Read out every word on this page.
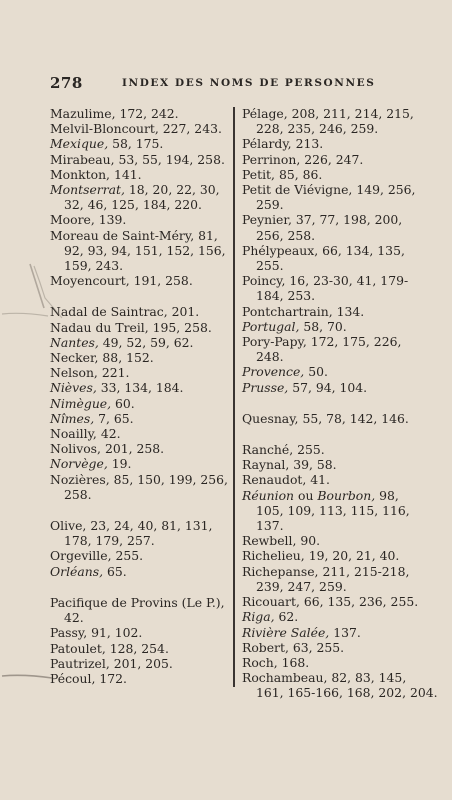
278	INDEX DES NOMS DE PERSONNES

Mazulime, 172, 242.

Melvil-Bloncourt, 227, 243.

Mexique, 58, 175.

Mirabeau, 53, 55, 194, 258.

Monkton, 141.

Montserrat, 18, 20, 22, 30,
32, 46, 125, 184, 220.

Moore, 139.

Moreau de Saint-Méry, 81,
92, 93, 94, 151, 152, 156,
159, 243.

Moyencourt, 191, 258.

Nadal de Saintrac, 201.

Nadau du Treil, 195, 258.

Nantes, 49, 52, 59, 62.

Necker, 88, 152.

Nelson, 221.

Nièves, 33, 134, 184.

Nimègue, 60.

Nîmes, 7, 65.

Noailly, 42.

Nolivos, 201, 258.

Norvège, 19.

Nozières, 85, 150, 199, 256,
258.

Olive, 23, 24, 40, 81, 131,
178, 179, 257.

Orgeville, 255.

Orléans, 65.

Pacifique de Provins (Le P.),
42.

Passy, 91, 102.

Patoulet, 128, 254.

Pautrizel, 201, 205.

Pécoul, 172.

Pélage, 208, 211, 214, 215,
228, 235, 246, 259.

Pélardy, 213.

Perrinon, 226, 247.

Petit, 85, 86.

Petit de Viévigne, 149, 256,
259.

Peynier, 37, 77, 198, 200,
256, 258.

Phélypeaux, 66, 134, 135,
255.

Poincy, 16, 23-30, 41, 179-
184, 253.

Pontchartrain, 134.

Portugal, 58, 70.

Pory-Papy, 172, 175, 226,
248.

Provence, 50.

Prusse, 57, 94, 104.

Quesnay, 55, 78, 142, 146.

Ranché, 255.

Raynal, 39, 58.

Renaudot, 41.

Réunion ou Bourbon, 98,
105, 109, 113, 115, 116,
137.

Rewbell, 90.

Richelieu, 19, 20, 21, 40.

Richepanse, 211, 215-218,
239, 247, 259.

Ricouart, 66, 135, 236, 255.

Riga, 62.

Rivière Salée, 137.

Robert, 63, 255.

Roch, 168.

Rochambeau, 82, 83, 145,
161, 165-166, 168, 202, 204.
